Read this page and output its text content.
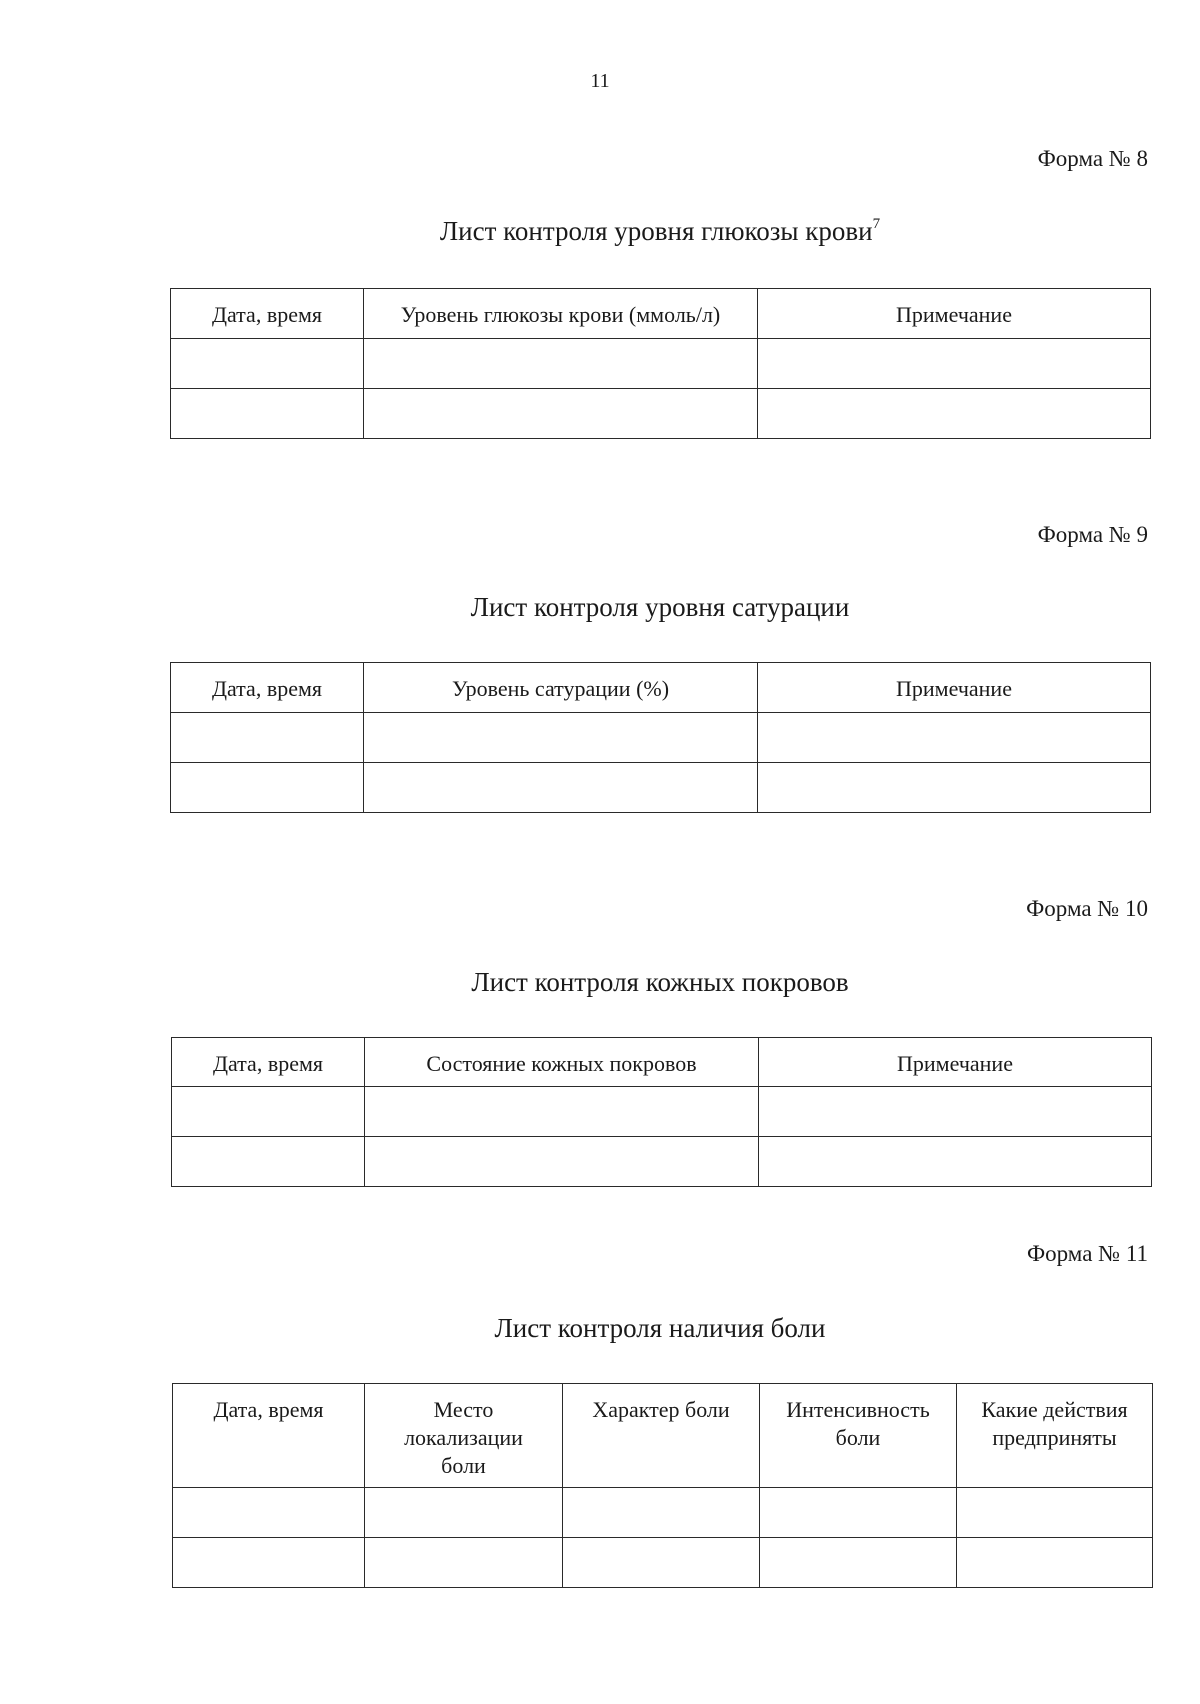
11
Форма № 8
Лист контроля уровня глюкозы крови$^7$
Дата, время	Уровень глюкозы крови (ммоль/л)	Примечание

Форма № 9
Лист контроля уровня сатурации
Дата, время	Уровень сатурации (%)	Примечание

Форма № 10
Лист контроля кожных покровов
Дата, время	Состояние кожных покровов	Примечание

Форма № 11
Лист контроля наличия боли
Дата, время	Место локализации боли	Характер боли	Интенсивность боли	Какие действия предприняты
